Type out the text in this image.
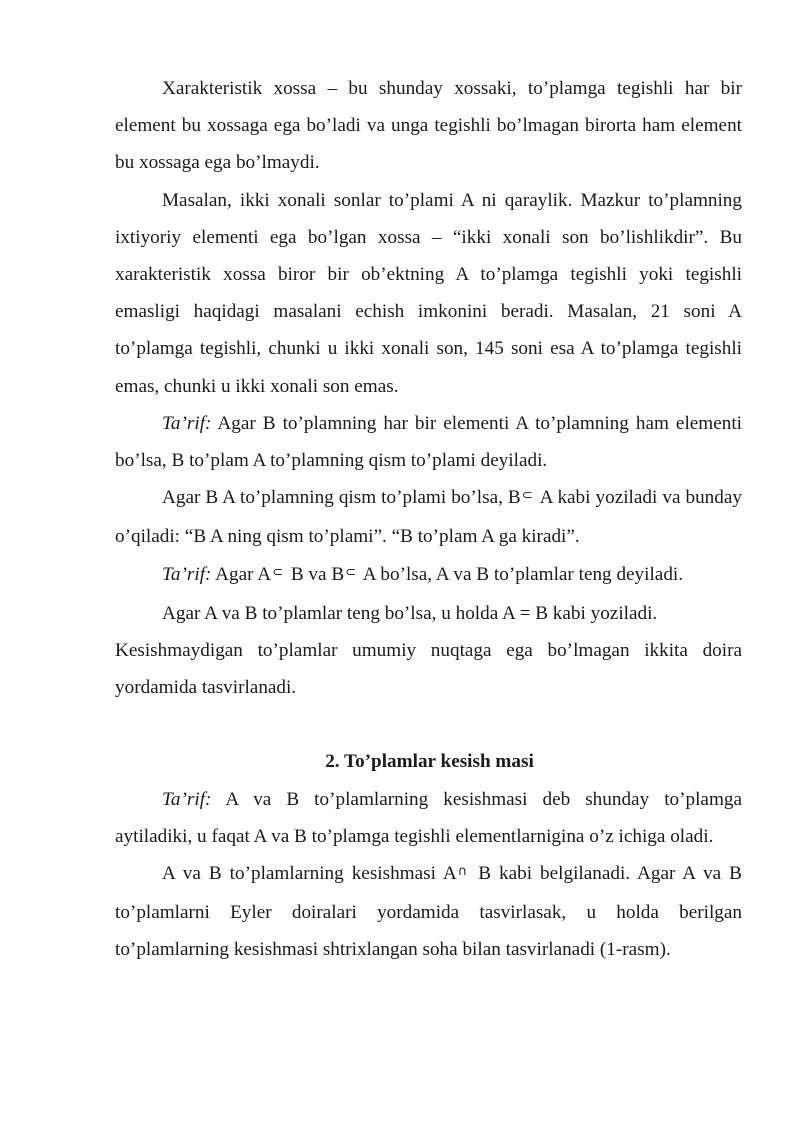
Xarakteristik xossa – bu shunday xossaki, to’plamga tegishli har bir element bu xossaga ega bo’ladi va unga tegishli bo’lmagan birorta ham element bu xossaga ega bo’lmaydi.

Masalan, ikki xonali sonlar to’plami A ni qaraylik. Mazkur to’plamning ixtiyoriy elementi ega bo’lgan xossa – “ikki xonali son bo’lishlikdir”. Bu xarakteristik xossa biror bir ob’ektning A to’plamga tegishli yoki tegishli emasligi haqidagi masalani echish imkonini beradi. Masalan, 21 soni A to’plamga tegishli, chunki u ikki xonali son, 145 soni esa A to’plamga tegishli emas, chunki u ikki xonali son emas.

Ta’rif: Agar B to’plamning har bir elementi A to’plamning ham elementi bo’lsa, B to’plam A to’plamning qism to’plami deyiladi.

Agar B A to’plamning qism to’plami bo’lsa, B⊂ A kabi yoziladi va bunday o’qiladi: “B A ning qism to’plami”. “B to’plam A ga kiradi”.

Ta’rif: Agar A⊂ B va B⊂ A bo’lsa, A va B to’plamlar teng deyiladi.

Agar A va B to’plamlar teng bo’lsa, u holda A = B kabi yoziladi.

Kesishmaydigan to’plamlar umumiy nuqtaga ega bo’lmagan ikkita doira yordamida tasvirlanadi.

2. To’plamlar kesish masi

Ta’rif: A va B to’plamlarning kesishmasi deb shunday to’plamga aytiladiki, u faqat A va B to’plamga tegishli elementlarnigina o’z ichiga oladi.

A va B to’plamlarning kesishmasi A∩ B kabi belgilanadi. Agar A va B to’plamlarni Eyler doiralari yordamida tasvirlasak, u holda berilgan to’plamlarning kesishmasi shtrixlangan soha bilan tasvirlanadi (1-rasm).
